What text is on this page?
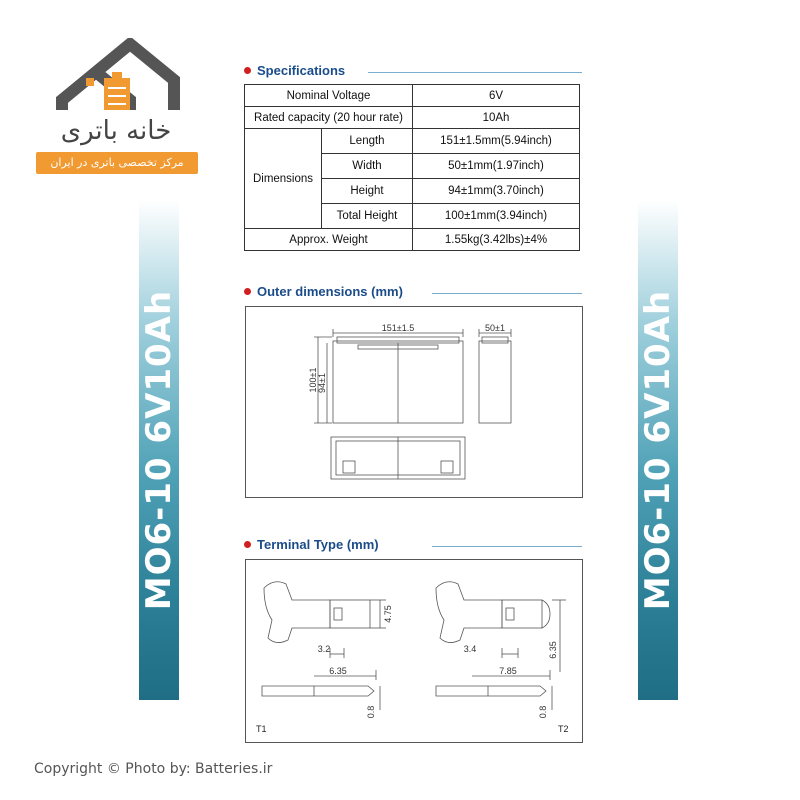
خانه باتری
مرکز تخصصی باتری در ایران
MO6-10 6V10Ah	MO6-10 6V10Ah
Specifications
Nominal Voltage		6V
Rated capacity (20 hour rate)		10Ah
Dimensions	Length	151±1.5mm(5.94inch)
	Width	50±1mm(1.97inch)
	Height	94±1mm(3.70inch)
	Total Height	100±1mm(3.94inch)
Approx. Weight		1.55kg(3.42lbs)±4%
Outer dimensions (mm)
151±1.5	50±1
100±1 94±1
Terminal Type (mm)
4.75
3.2
6.35
0.8
3.4	6.35
7.85
0.8
T1	T2
Copyright © Photo by: Batteries.ir
